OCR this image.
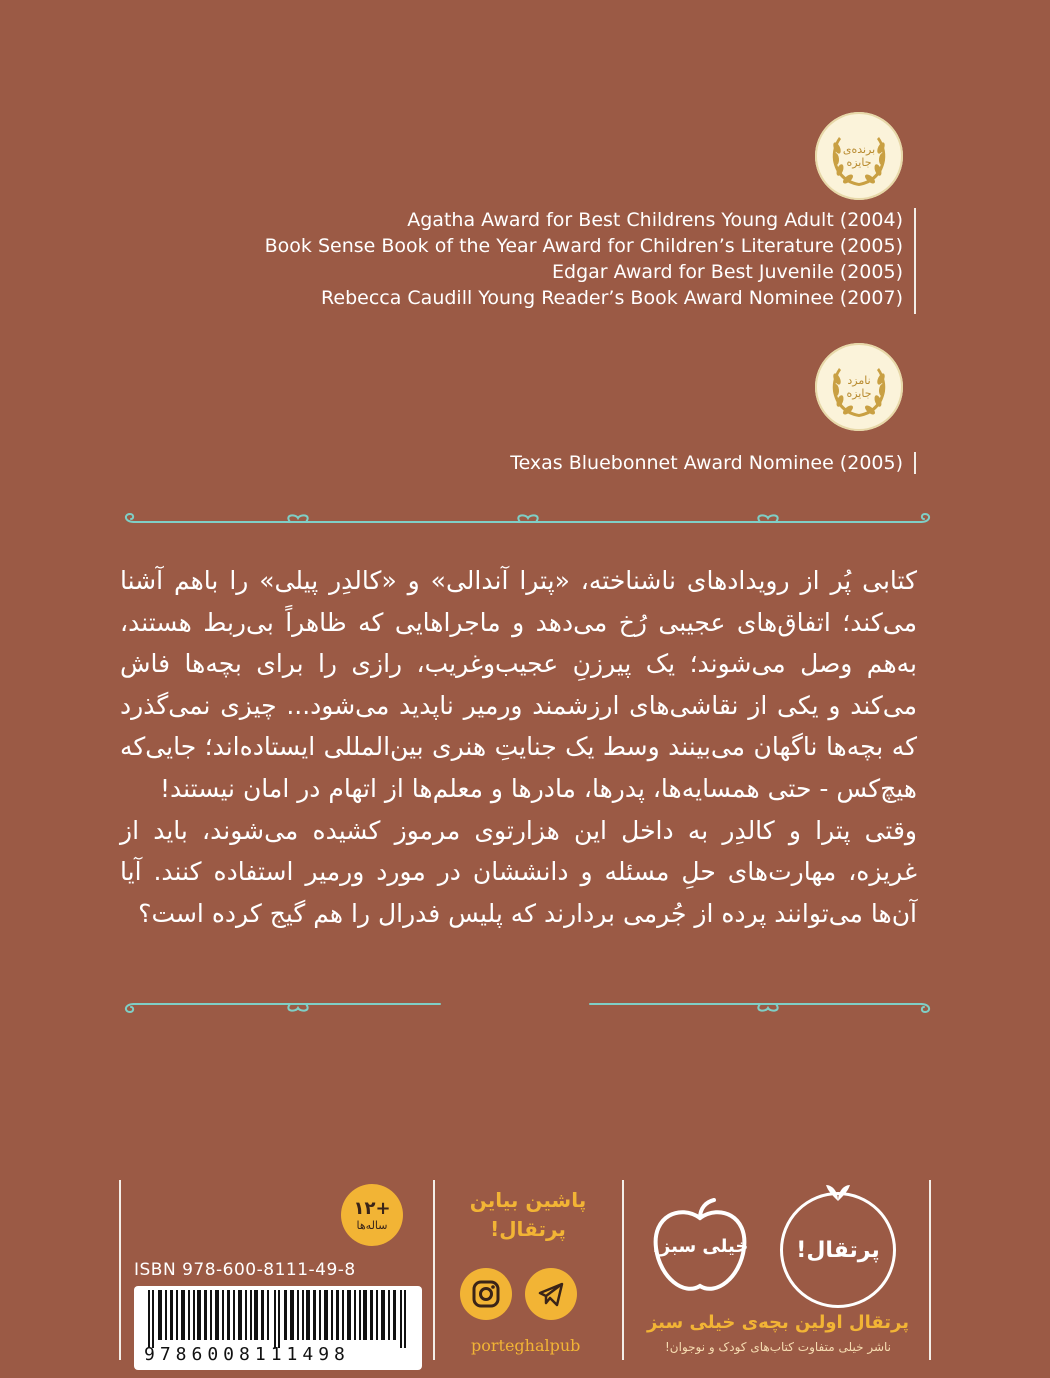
برنده‌ی جایزه
Agatha Award for Best Childrens Young Adult (2004)
Book Sense Book of the Year Award for Children’s Literature (2005)
Edgar Award for Best Juvenile (2005)
Rebecca Caudill Young Reader’s Book Award Nominee (2007)
نامزد جایزه
Texas Bluebonnet Award Nominee (2005)

کتابی پُر از رویدادهای ناشناخته، «پترا آندالی» و «کالدِر پیلی» را باهم آشنا می‌کند؛ اتفاق‌های عجیبی رُخ می‌دهد و ماجراهایی که ظاهراً بی‌ربط هستند، به‌هم وصل می‌شوند؛ یک پیرزنِ عجیب‌وغریب، رازی را برای بچه‌ها فاش می‌کند و یکی از نقاشی‌های ارزشمند ورمیر ناپدید می‌شود... چیزی نمی‌گذرد که بچه‌ها ناگهان می‌بینند وسط یک جنایتِ هنری بین‌المللی ایستاده‌اند؛ جایی‌که هیچ‌کس - حتی همسایه‌ها، پدرها، مادرها و معلم‌ها از اتهام در امان نیستند!

وقتی پترا و کالدِر به داخل این هزارتوی مرموز کشیده می‌شوند، باید از غریزه، مهارت‌های حلِ مسئله و دانششان در مورد ورمیر استفاده کنند. آیا آن‌ها می‌توانند پرده از جُرمی بردارند که پلیس فدرال را هم گیج کرده است؟

+۱۲
ساله‌ها
ISBN 978-600-8111-49-8
9786008111498
پاشین بیاین
پرتقال!
porteghalpub
پرتقال!
خیلی سبز!
پرتقال اولین بچه‌ی خیلی سبز
ناشر خیلی متفاوت کتاب‌های کودک و نوجوان!
